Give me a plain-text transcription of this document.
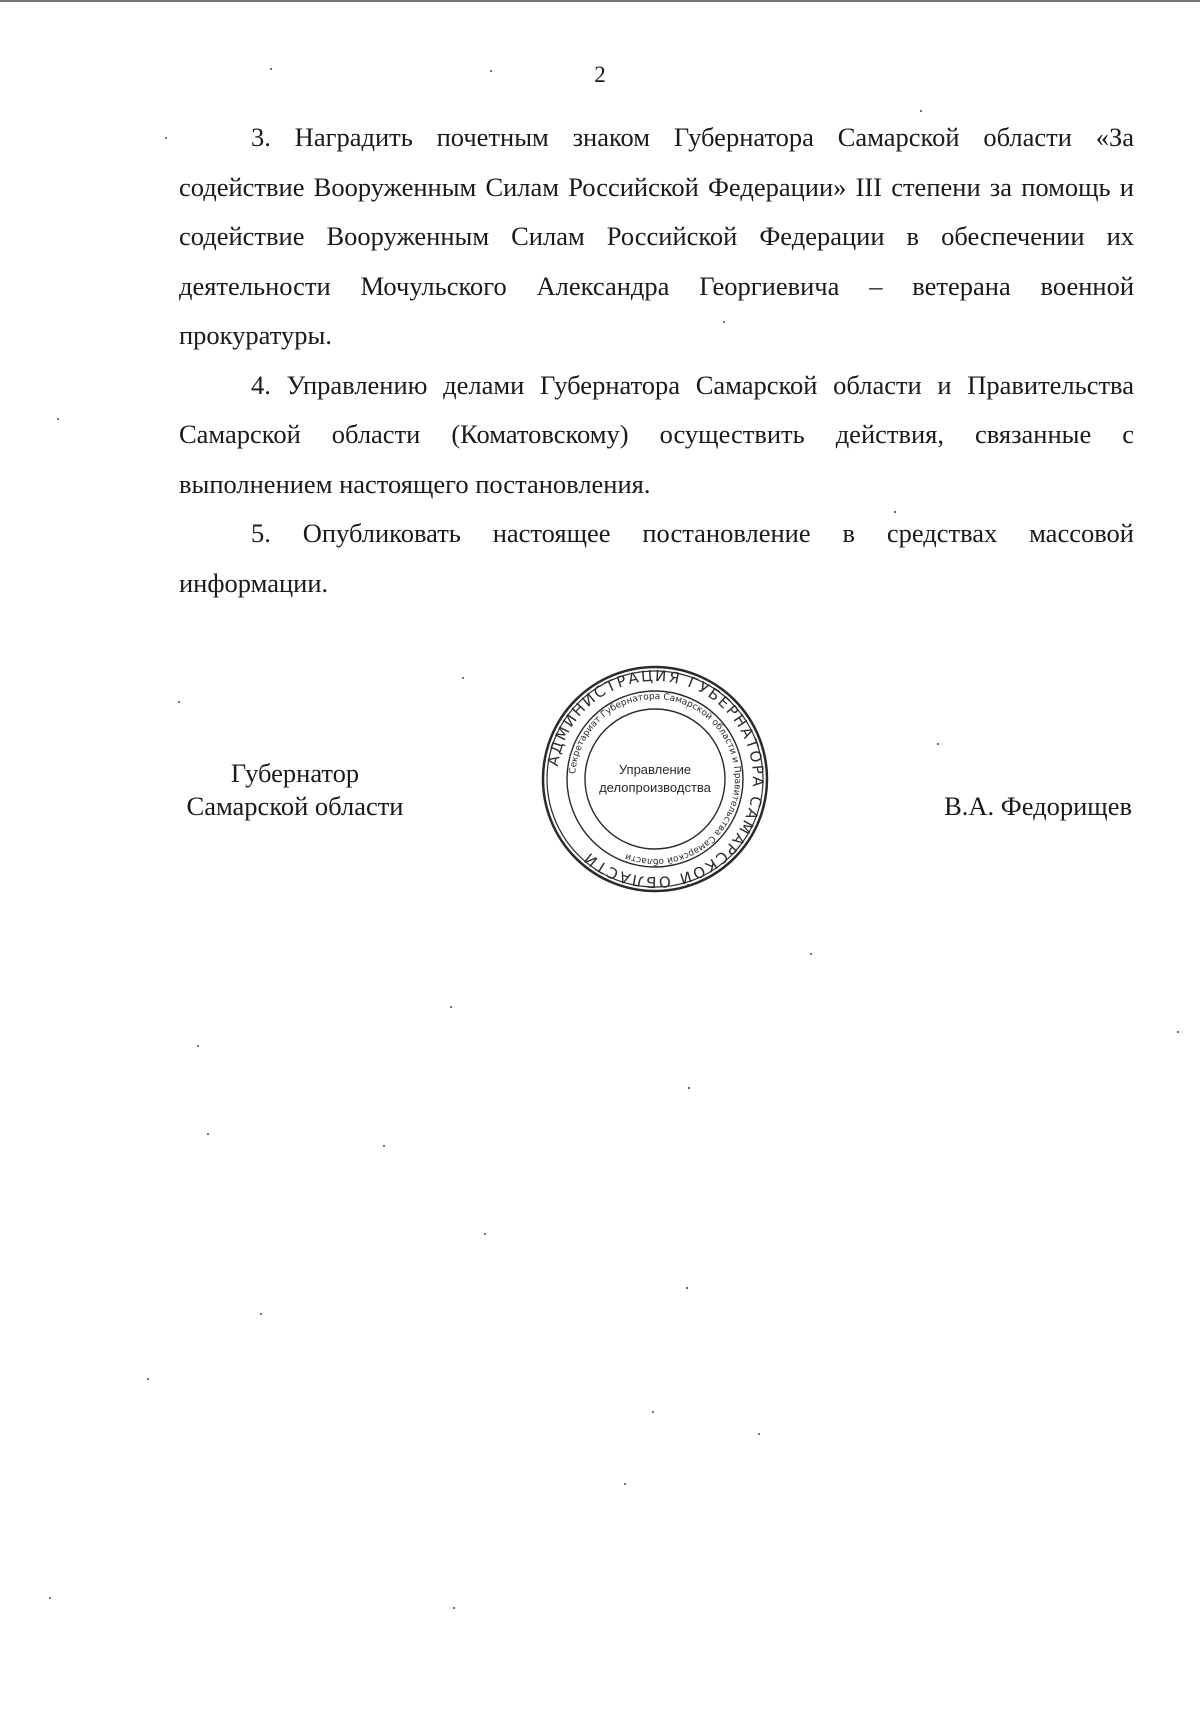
2

3. Наградить почетным знаком Губернатора Самарской области «За содействие Вооруженным Силам Российской Федерации» III степени за помощь и содействие Вооруженным Силам Российской Федерации в обеспечении их деятельности Мочульского Александра Георгиевича – ветерана военной прокуратуры.

4. Управлению делами Губернатора Самарской области и Правительства Самарской области (Коматовскому) осуществить действия, связанные с выполнением настоящего постановления.

5. Опубликовать настоящее постановление в средствах массовой информации.

Губернатор
Самарской области
АДМИНИСТРАЦИЯ ГУБЕРНАТОРА САМАРСКОЙ ОБЛАСТИ
Секретариат Губернатора Самарской области и Правительства Самарской области
Управление
делопроизводства
В.А. Федорищев
